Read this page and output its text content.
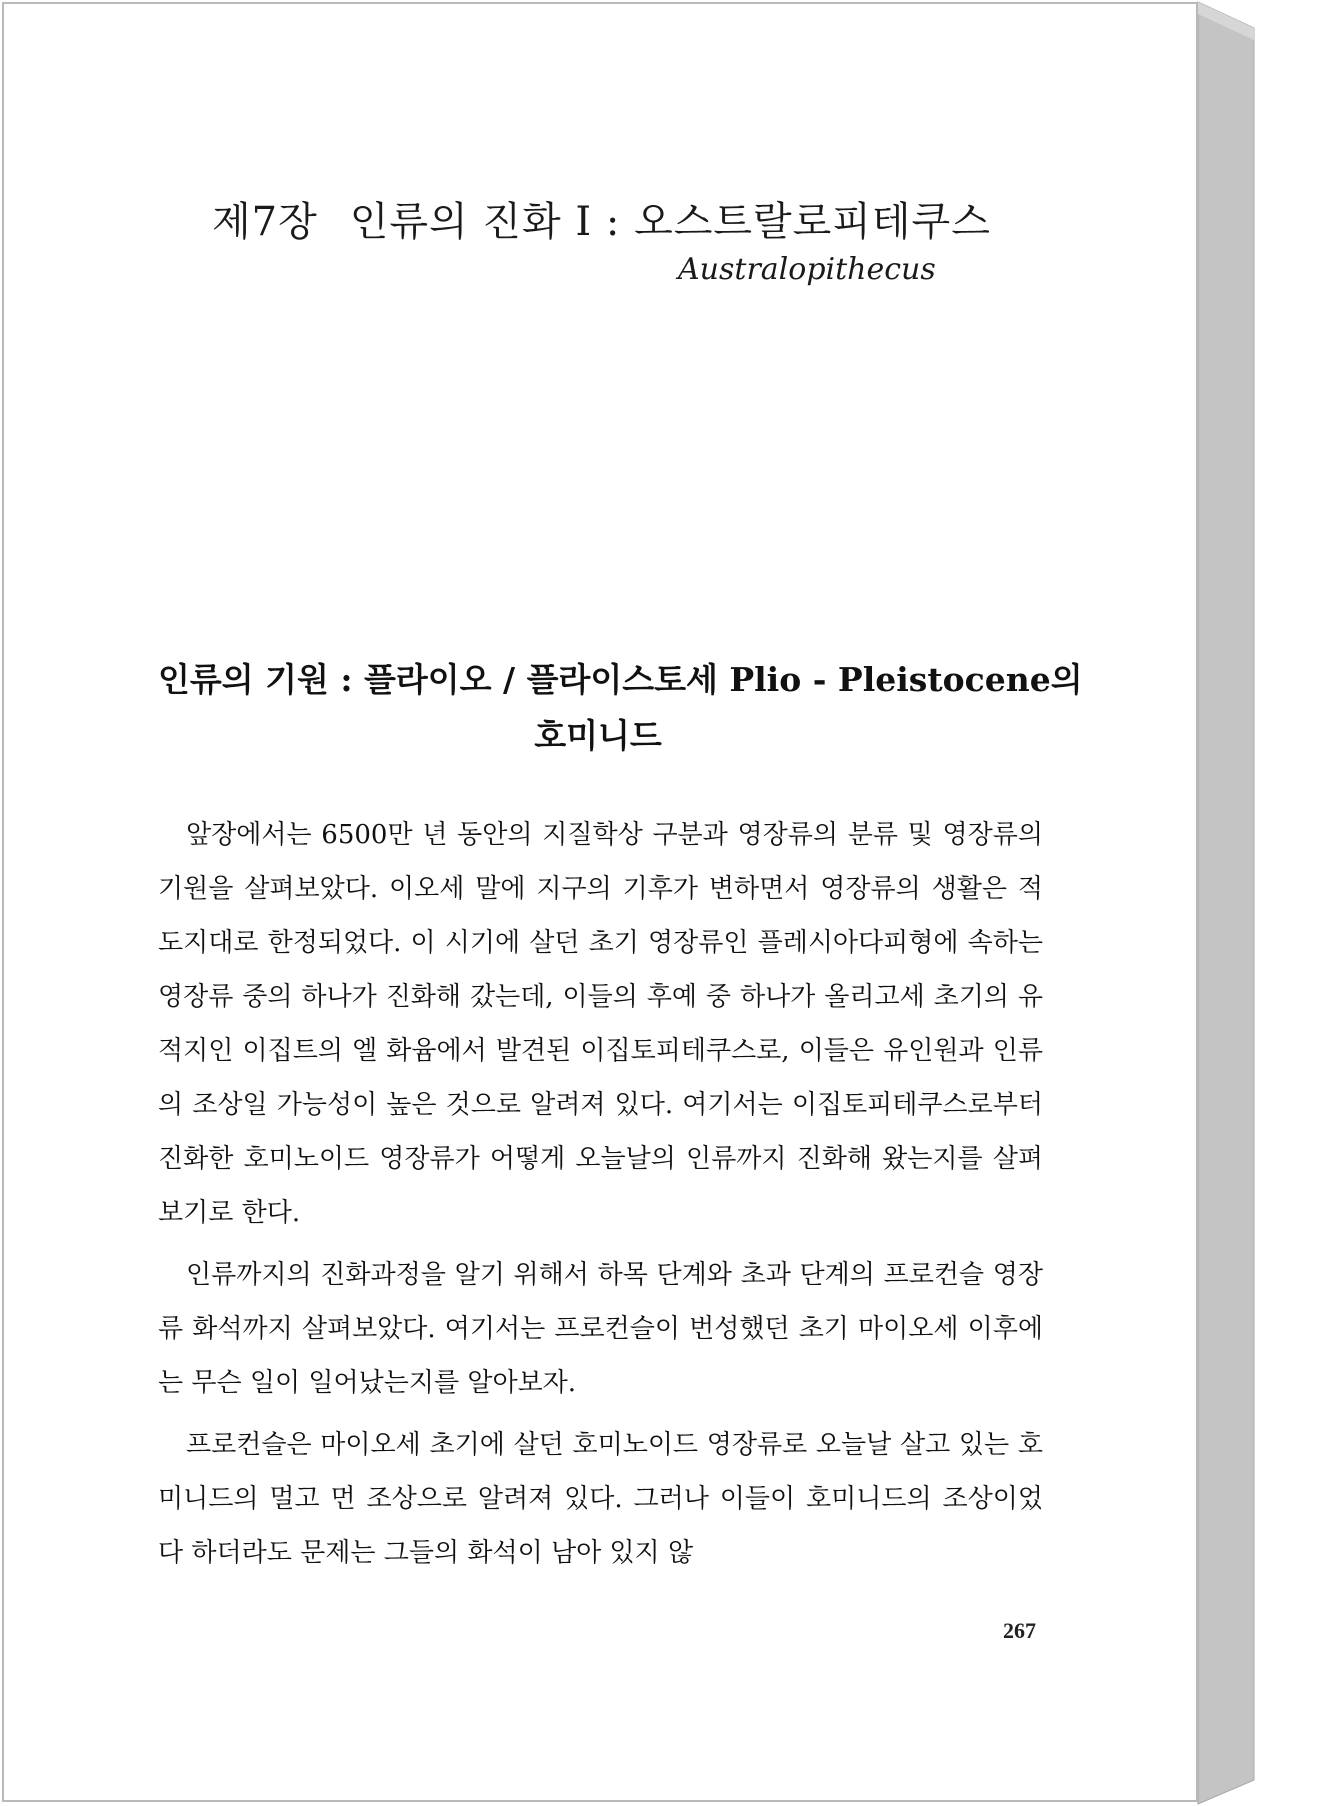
제7장 인류의 진화 Ⅰ : 오스트랄로피테쿠스
Australopithecus
인류의 기원 : 플라이오 / 플라이스토세 Plio - Pleistocene의
호미니드

앞장에서는 6500만 년 동안의 지질학상 구분과 영장류의 분류 및 영장류의 기원을 살펴보았다. 이오세 말에 지구의 기후가 변하면서 영장류의 생활은 적도지대로 한정되었다. 이 시기에 살던 초기 영장류인 플레시아다피형에 속하는 영장류 중의 하나가 진화해 갔는데, 이들의 후예 중 하나가 올리고세 초기의 유적지인 이집트의 엘 화윰에서 발견된 이집토피테쿠스로, 이들은 유인원과 인류의 조상일 가능성이 높은 것으로 알려져 있다. 여기서는 이집토피테쿠스로부터 진화한 호미노이드 영장류가 어떻게 오늘날의 인류까지 진화해 왔는지를 살펴보기로 한다.

인류까지의 진화과정을 알기 위해서 하목 단계와 초과 단계의 프로컨슬 영장류 화석까지 살펴보았다. 여기서는 프로컨슬이 번성했던 초기 마이오세 이후에는 무슨 일이 일어났는지를 알아보자.

프로컨슬은 마이오세 초기에 살던 호미노이드 영장류로 오늘날 살고 있는 호미니드의 멀고 먼 조상으로 알려져 있다. 그러나 이들이 호미니드의 조상이었다 하더라도 문제는 그들의 화석이 남아 있지 않

267
